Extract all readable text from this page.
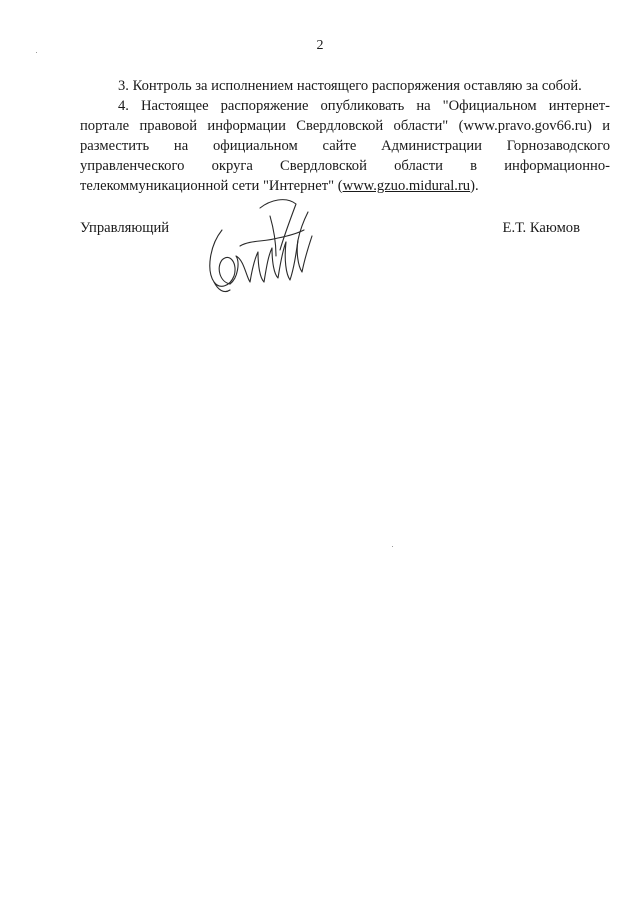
2
3. Контроль за исполнением настоящего распоряжения оставляю за собой.
4. Настоящее распоряжение опубликовать на "Официальном интернет-
порталe правовой информации Свердловской области" (www.pravo.gov66.ru) и
разместить на официальном сайте Администрации Горнозаводского
управленческого округа Свердловской области в информационно-
телекоммуникационной сети "Интернет" (www.gzuo.midural.ru).
Управляющий	Е.Т. Каюмов
